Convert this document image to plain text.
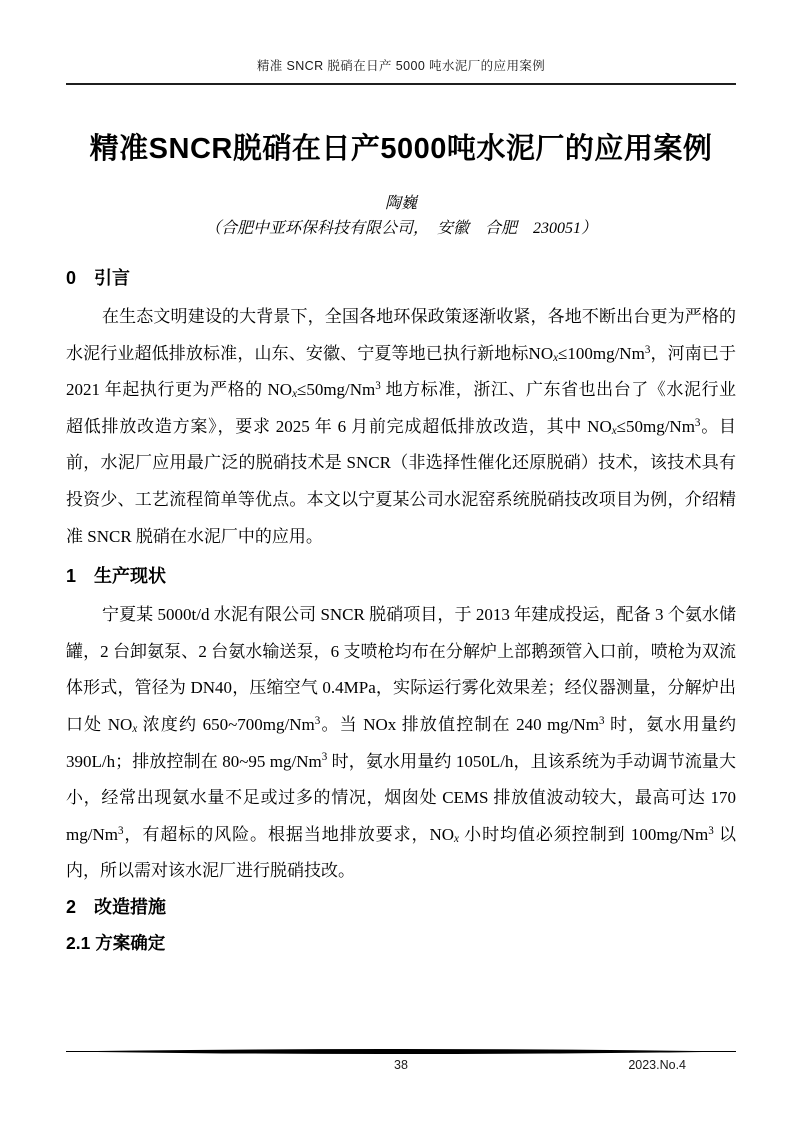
精准 SNCR 脱硝在日产 5000 吨水泥厂的应用案例
精准SNCR脱硝在日产5000吨水泥厂的应用案例
陶巍
（合肥中亚环保科技有限公司，　安徽　合肥　230051）
0　引言

在生态文明建设的大背景下，全国各地环保政策逐渐收紧，各地不断出台更为严格的水泥行业超低排放标准，山东、安徽、宁夏等地已执行新地标$NO_x\le 100mg/Nm^3$，河南已于 2021 年起执行更为严格的 $NO_x\le 50mg/Nm^3$ 地方标准，浙江、广东省也出台了《水泥行业超低排放改造方案》，要求 2025 年 6 月前完成超低排放改造，其中 $NO_x\le 50mg/Nm^3$。目前，水泥厂应用最广泛的脱硝技术是 SNCR（非选择性催化还原脱硝）技术，该技术具有投资少、工艺流程简单等优点。本文以宁夏某公司水泥窑系统脱硝技改项目为例，介绍精准 SNCR 脱硝在水泥厂中的应用。

1　生产现状

宁夏某 5000t/d 水泥有限公司 SNCR 脱硝项目，于 2013 年建成投运，配备 3 个氨水储罐，2 台卸氨泵、2 台氨水输送泵，6 支喷枪均布在分解炉上部鹅颈管入口前，喷枪为双流体形式，管径为 DN40，压缩空气 0.4MPa，实际运行雾化效果差；经仪器测量，分解炉出口处 $NO_x$ 浓度约 650~700mg/Nm$^3$。当 NOx 排放值控制在 240 mg/Nm$^3$ 时，氨水用量约 390L/h；排放控制在 80~95 mg/Nm$^3$ 时，氨水用量约 1050L/h，且该系统为手动调节流量大小，经常出现氨水量不足或过多的情况，烟囱处 CEMS 排放值波动较大，最高可达 170 mg/Nm$^3$，有超标的风险。根据当地排放要求，$NO_x$ 小时均值必须控制到 100mg/Nm$^3$ 以内，所以需对该水泥厂进行脱硝技改。

2　改造措施
2.1 方案确定
38	2023.No.4
